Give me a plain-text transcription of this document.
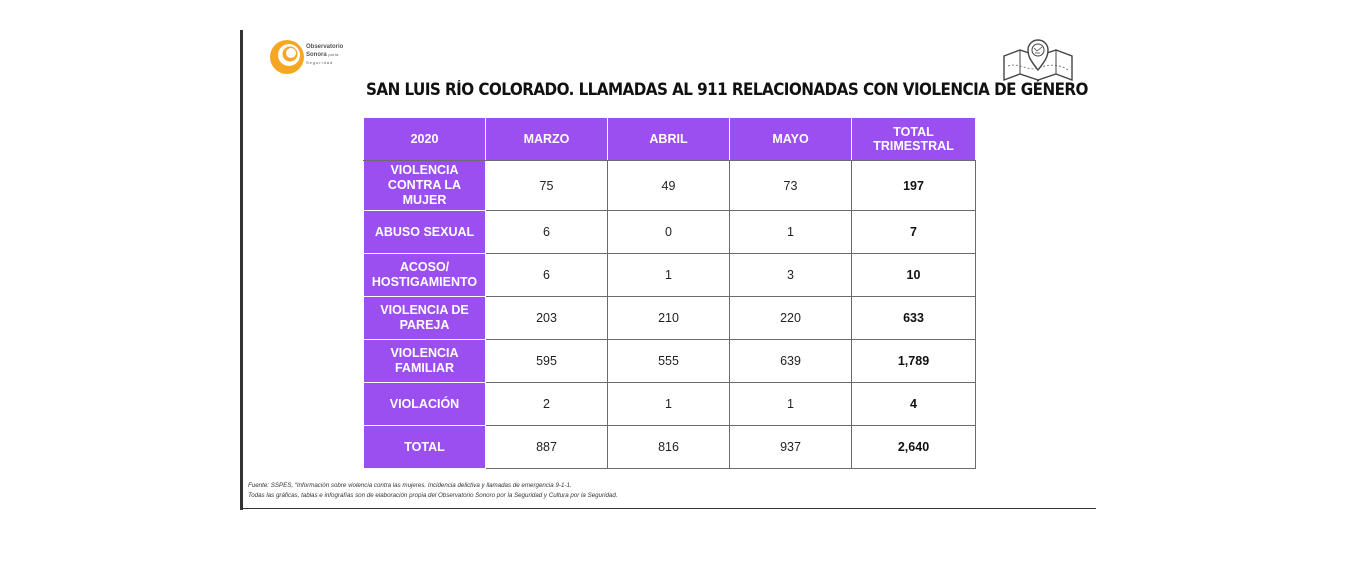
Observatorio
Sonora por la
Seguridad
SAN LUIS RÍO COLORADO. LLAMADAS AL 911 RELACIONADAS CON VIOLENCIA DE GÉNERO
2020	MARZO	ABRIL	MAYO	TOTAL TRIMESTRAL
VIOLENCIA CONTRA LA MUJER	75	49	73	197
ABUSO SEXUAL	6	0	1	7
ACOSO/ HOSTIGAMIENTO	6	1	3	10
VIOLENCIA DE PAREJA	203	210	220	633
VIOLENCIA FAMILIAR	595	555	639	1,789
VIOLACIÓN	2	1	1	4
TOTAL	887	816	937	2,640
Fuente: SSPES, “Información sobre violencia contra las mujeres. Incidencia delictiva y llamadas de emergencia 9-1-1.
Todas las gráficas, tablas e infografías son de elaboración propia del Observatorio Sonoro por la Seguridad y Cultura por la Seguridad.
